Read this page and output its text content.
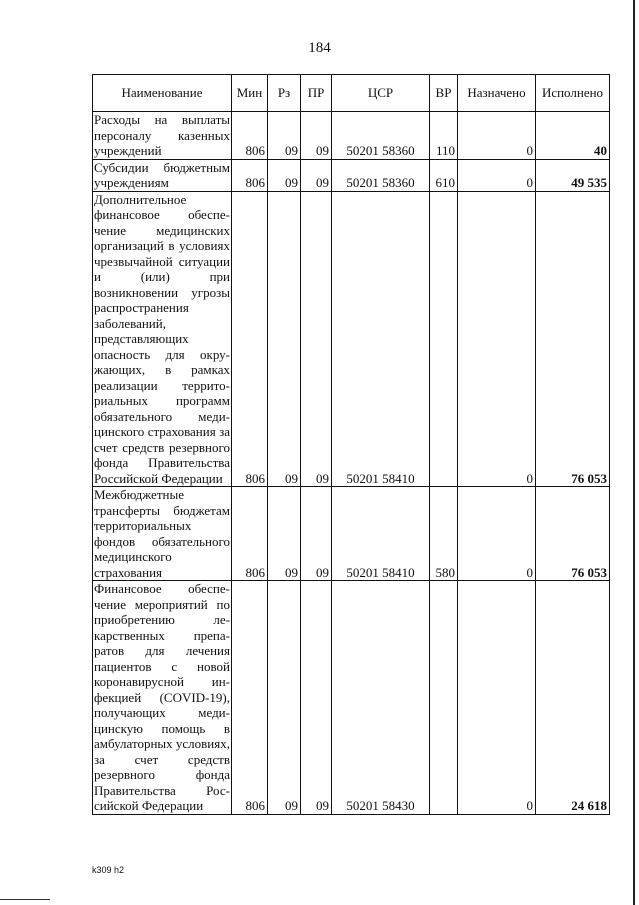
184
Наименование	Мин	Рз	ПР	ЦСР	ВР	Назначено	Исполнено
Расходы на выплаты персоналу казенных учреждений	806	09	09	50201 58360	110	0	40
Субсидии бюджетным учреждениям	806	09	09	50201 58360	610	0	49 535
Дополнительное финансовое обеспечение медицинских организаций в условиях чрезвычайной ситуации и (или) при возникновении угрозы распространения заболеваний, представляющих опасность для окружающих, в рамках реализации территориальных программ обязательного медицинского страхования за счет средств резервного фонда Правительства Российской Федерации	806	09	09	50201 58410		0	76 053
Межбюджетные трансферты бюджетам территориальных фондов обязательного медицинского страхования	806	09	09	50201 58410	580	0	76 053
Финансовое обеспечение мероприятий по приобретению лекарственных препаратов для лечения пациентов с новой коронавирусной инфекцией (COVID-19), получающих медицинскую помощь в амбулаторных условиях, за счет средств резервного фонда Правительства Российской Федерации	806	09	09	50201 58430		0	24 618
k309 h2
